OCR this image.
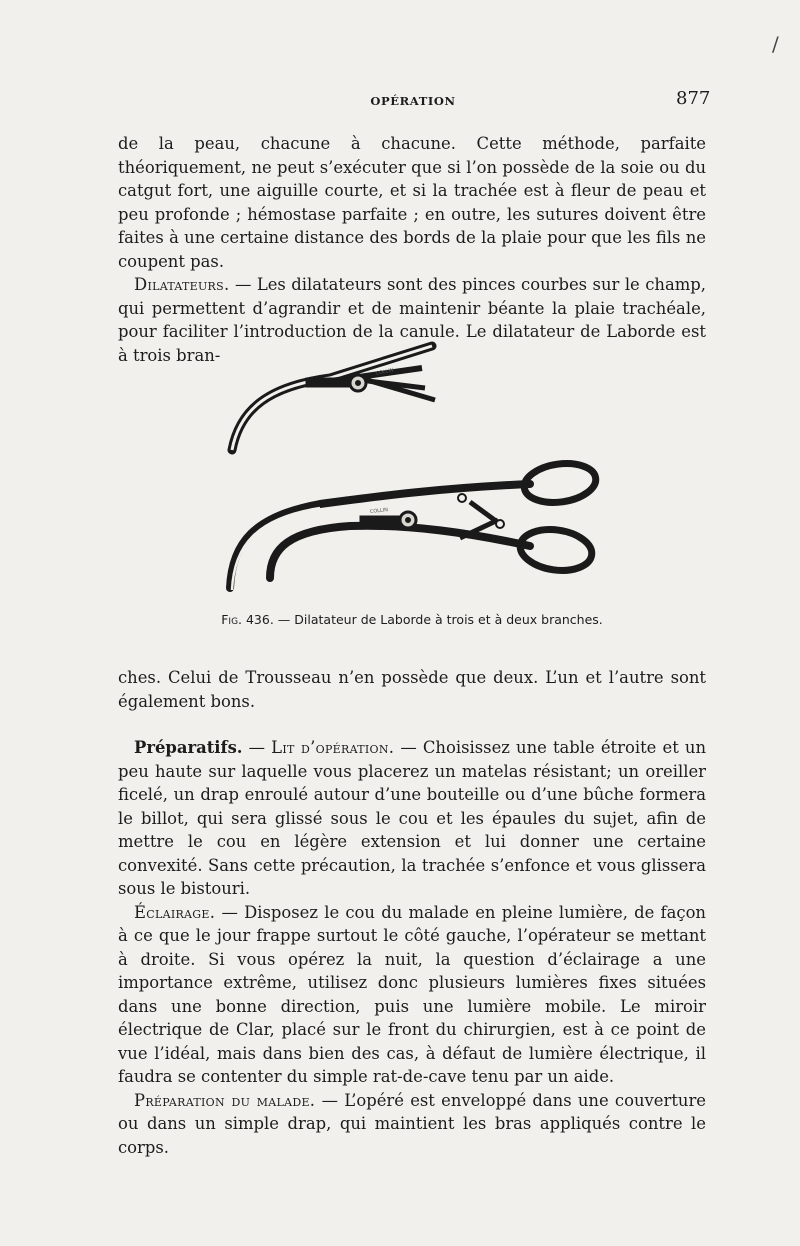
OPÉRATION	877
/

de la peau, chacune à chacune. Cette méthode, parfaite théoriquement, ne peut s’exécuter que si l’on possède de la soie ou du catgut fort, une aiguille courte, et si la trachée est à fleur de peau et peu profonde ; hémostase parfaite ; en outre, les sutures doivent être faites à une certaine distance des bords de la plaie pour que les fils ne coupent pas.

Dilatateurs. — Les dilatateurs sont des pinces courbes sur le champ, qui permettent d’agrandir et de maintenir béante la plaie trachéale, pour faciliter l’introduction de la canule. Le dilatateur de Laborde est à trois bran-

COLLIN
COLLIN
Fig. 436. — Dilatateur de Laborde à trois et à deux branches.

ches. Celui de Trousseau n’en possède que deux. L’un et l’autre sont également bons.

Préparatifs. — Lit d’opération. — Choisissez une table étroite et un peu haute sur laquelle vous placerez un matelas résistant; un oreiller ficelé, un drap enroulé autour d’une bouteille ou d’une bûche formera le billot, qui sera glissé sous le cou et les épaules du sujet, afin de mettre le cou en légère extension et lui donner une certaine convexité. Sans cette précaution, la trachée s’enfonce et vous glissera sous le bistouri.

Éclairage. — Disposez le cou du malade en pleine lumière, de façon à ce que le jour frappe surtout le côté gauche, l’opérateur se mettant à droite. Si vous opérez la nuit, la question d’éclairage a une importance extrême, utilisez donc plusieurs lumières fixes situées dans une bonne direction, puis une lumière mobile. Le miroir électrique de Clar, placé sur le front du chirurgien, est à ce point de vue l’idéal, mais dans bien des cas, à défaut de lumière électrique, il faudra se contenter du simple rat-de-cave tenu par un aide.

Préparation du malade. — L’opéré est enveloppé dans une couverture ou dans un simple drap, qui maintient les bras appliqués contre le corps.
